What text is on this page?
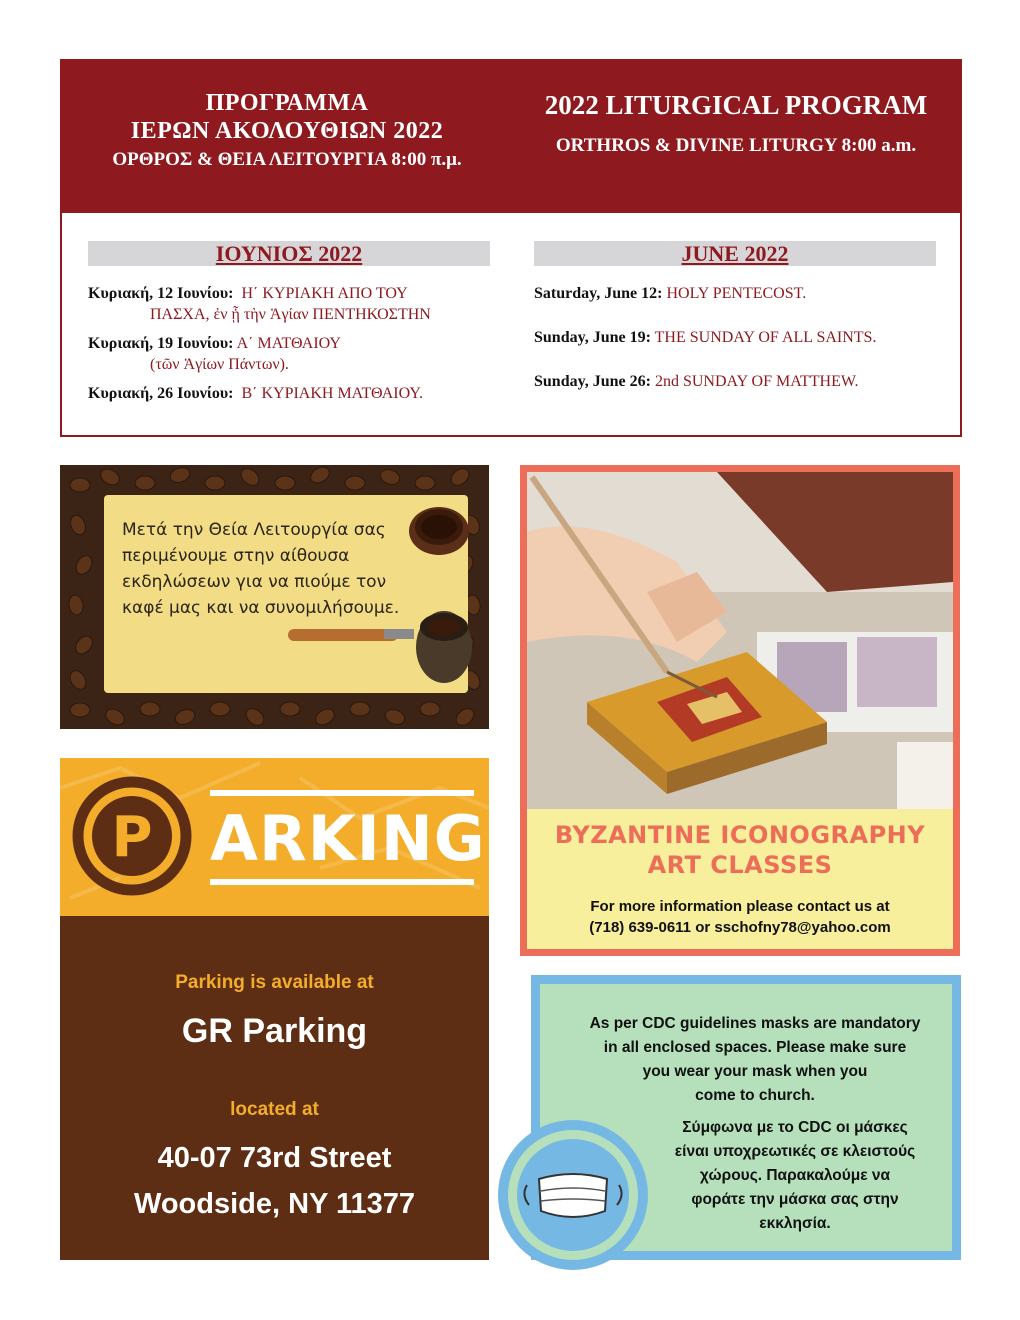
ΠΡΟΓΡΑΜΜΑ
ΙΕΡΩΝ ΑΚΟΛΟΥΘΙΩΝ 2022
ΟΡΘΡΟΣ & ΘΕΙΑ ΛΕΙΤΟΥΡΓΙΑ 8:00 π.μ.
2022 LITURGICAL PROGRAM
ORTHROS & DIVINE LITURGY 8:00 a.m.
ΙΟΥΝΙΟΣ 2022	JUNE 2022
Κυριακή, 12 Ιουνίου: Η΄ ΚΥΡΙΑΚΗ ΑΠΟ ΤΟΥ
ΠΑΣΧΑ, ἐν ᾗ τὴν Ἁγίαν ΠΕΝΤΗΚΟΣΤΗΝ
Κυριακή, 19 Ιουνίου: Α΄ ΜΑΤΘΑΙΟΥ
(τῶν Ἁγίων Πάντων).
Κυριακή, 26 Ιουνίου: Β΄ ΚΥΡΙΑΚΗ ΜΑΤΘΑΙΟΥ.
Saturday, June 12: HOLY PENTECOST.
Sunday, June 19: THE SUNDAY OF ALL SAINTS.
Sunday, June 26: 2nd SUNDAY OF MATTHEW.
Μετά την Θεία Λειτουργία σας περιμένουμε στην αίθουσα εκδηλώσεων για να πιούμε τον καφέ μας και να συνομιλήσουμε.
P ARKING
Parking is available at
GR Parking
located at
40-07 73rd Street
Woodside, NY 11377
BYZANTINE ICONOGRAPHY
ART CLASSES
For more information please contact us at
(718) 639-0611 or sschofny78@yahoo.com
As per CDC guidelines masks are mandatory
in all enclosed spaces. Please make sure
you wear your mask when you
come to church.
Σύμφωνα με το CDC οι μάσκες
είναι υποχρεωτικές σε κλειστούς
χώρους. Παρακαλούμε να
φοράτε την μάσκα σας στην
εκκλησία.
